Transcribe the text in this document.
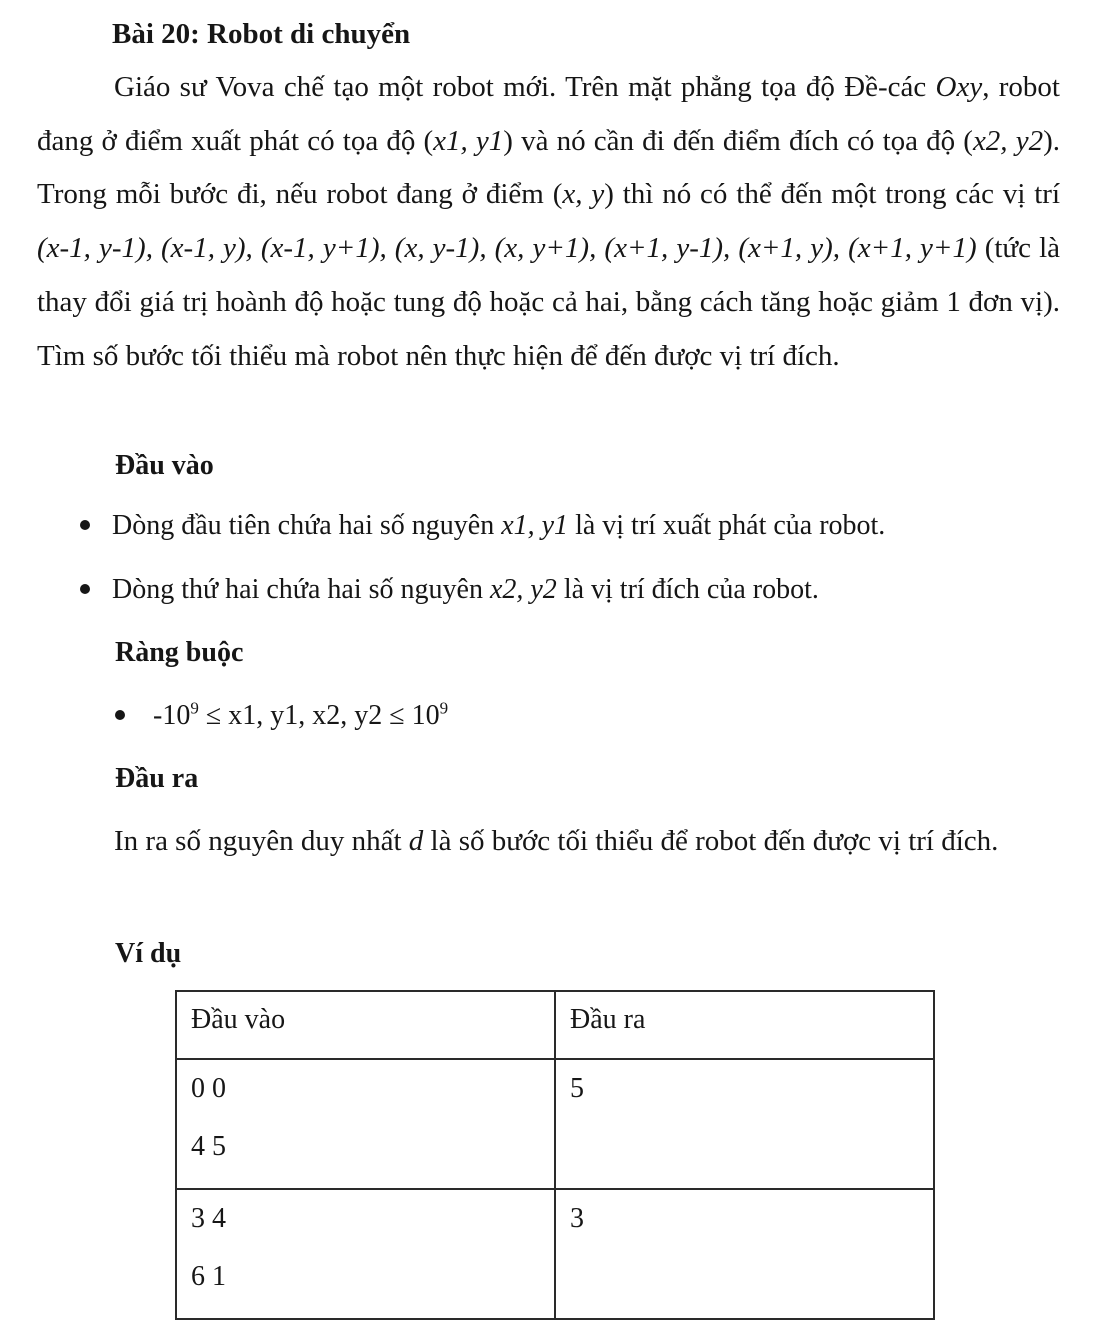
Bài 20: Robot di chuyển

Giáo sư Vova chế tạo một robot mới. Trên mặt phẳng tọa độ Đề-các Oxy, robot đang ở điểm xuất phát có tọa độ (x1, y1) và nó cần đi đến điểm đích có tọa độ (x2, y2). Trong mỗi bước đi, nếu robot đang ở điểm (x, y) thì nó có thể đến một trong các vị trí (x-1, y-1), (x-1, y), (x-1, y+1), (x, y-1), (x, y+1), (x+1, y-1), (x+1, y), (x+1, y+1) (tức là thay đổi giá trị hoành độ hoặc tung độ hoặc cả hai, bằng cách tăng hoặc giảm 1 đơn vị). Tìm số bước tối thiểu mà robot nên thực hiện để đến được vị trí đích.

Đầu vào

Dòng đầu tiên chứa hai số nguyên x1, y1 là vị trí xuất phát của robot.

Dòng thứ hai chứa hai số nguyên x2, y2 là vị trí đích của robot.

Ràng buộc

$-10^9 \le x1$, y1, x2, $y2 \le 10^9$

Đầu ra

In ra số nguyên duy nhất d là số bước tối thiểu để robot đến được vị trí đích.

Ví dụ
Đầu vào	Đầu ra

0 0
4 5	5

3 4
6 1	3
